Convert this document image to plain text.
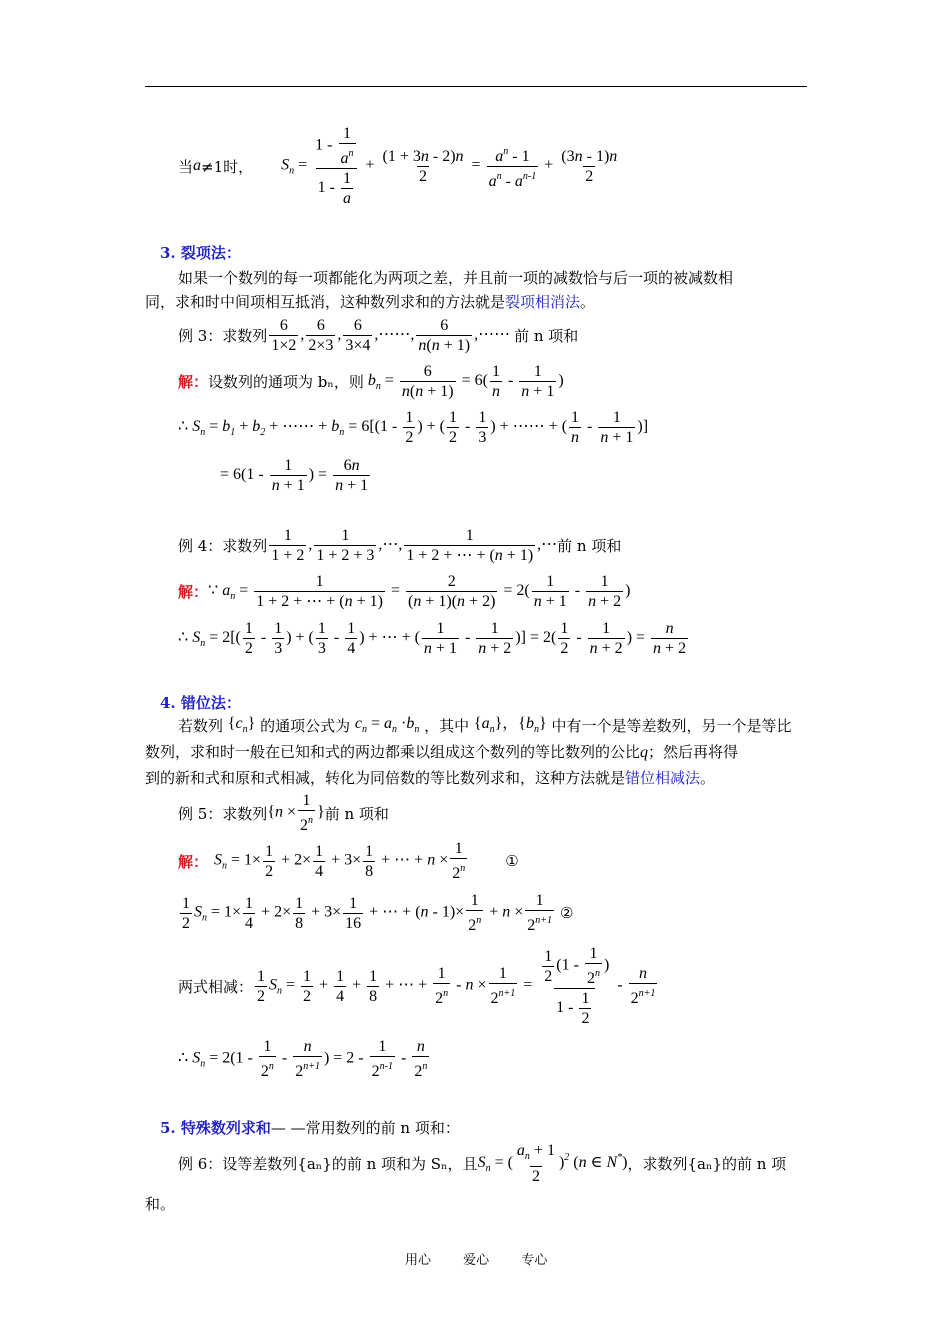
当 a ≠1时， $S_n = \frac{1 - \frac{1}{a^n}}{1 - \frac{1}{a}} + \frac{(1 + 3n - 2)n}{2} = \frac{a^n - 1}{a^n - a^{n-1}} + \frac{(3n - 1)n}{2}$
3. 裂项法：
如果一个数列的每一项都能化为两项之差，并且前一项的减数恰与后一项的被减数相
同，求和时中间项相互抵消，这种数列求和的方法就是裂项相消法。
例 3：求数列 $\frac{6}{1\times 2}$ , $\frac{6}{2\times 3}$ , $\frac{6}{3\times 4}$ ,⋯⋯, $\frac{6}{n(n + 1)}$ ,⋯⋯ 前 n 项和
解： 设数列的通项为 bₙ，则 $b_n = \frac{6}{n(n + 1)} = 6( \frac{1}{n} - \frac{1}{n + 1}$ )
∴ $S_n = b_1 + b_2$ + ⋯⋯ + $b_n = 6[(1 - \frac{1}{2}$ ) + ( $\frac{1}{2} - \frac{1}{3}$ ) + ⋯⋯ + ( $\frac{1}{n} - \frac{1}{n + 1}$ )]
= $6(1 - \frac{1}{n + 1}$ ) = $\frac{6n}{n + 1}$
例 4：求数列 $\frac{1}{1 + 2}$ , $\frac{1}{1 + 2 + 3}$ ,⋯, $\frac{1}{1 + 2 + \cdots + (n + 1)}$ ,⋯ 前 n 项和
解： ∵ $a_n = \frac{1}{1 + 2 + \cdots + (n + 1)} = \frac{2}{(n + 1)(n + 2)} = 2( \frac{1}{n + 1} - \frac{1}{n + 2}$ )
∴ $S_n = 2[( \frac{1}{2} - \frac{1}{3}$ ) + ( $\frac{1}{3} - \frac{1}{4}$ ) + ⋯ + ( $\frac{1}{n + 1} - \frac{1}{n + 2}$ )] = $2( \frac{1}{2} - \frac{1}{n + 2}$ ) = $\frac{n}{n + 2}$
4. 错位法：
若数列 $\{c_n\}$ 的通项公式为 $c_n = a_n \cdot b_n$ ，其中 $\{a_n\}$，$\{b_n\}$ 中有一个是等差数列，另一个是等比
数列，求和时一般在已知和式的两边都乘以组成这个数列的等比数列的公比q；然后再将得
到的新和式和原和式相减，转化为同倍数的等比数列求和，这种方法就是错位相减法。
例 5：求数列 {$n \times \frac{1}{2^n}$ } 前 n 项和
解： $S_n = 1\times \frac{1}{2} + 2\times \frac{1}{4} + 3\times \frac{1}{8}$ + ⋯ + $n \times \frac{1}{2^n}$	①
$\frac{1}{2} S_n = 1\times \frac{1}{4} + 2\times \frac{1}{8} + 3\times \frac{1}{16}$ + ⋯ + $(n - 1)\times \frac{1}{2^n} + n \times \frac{1}{2^{n+1}}$ ②
两式相减： $\frac{1}{2} S_n = \frac{1}{2} + \frac{1}{4} + \frac{1}{8}$ + ⋯ + $\frac{1}{2^n} - n \times \frac{1}{2^{n+1}} = \frac{\frac{1}{2} (1 - \frac{1}{2^n} )}{1 - \frac{1}{2}} - \frac{n}{2^{n+1}}$
∴ $S_n = 2(1 - \frac{1}{2^n} - \frac{n}{2^{n+1}}$ ) = $2 - \frac{1}{2^{n-1}} - \frac{n}{2^n}$
5. 特殊数列求和— —常用数列的前 n 项和：
例 6：设等差数列{aₙ}的前 n 项和为 Sₙ，且 $S_n$ = ( $\frac{a_n + 1}{2} )^2$ (n ∈ N*) ，求数列{aₙ}的前 n 项
和。
用心 爱心 专心
